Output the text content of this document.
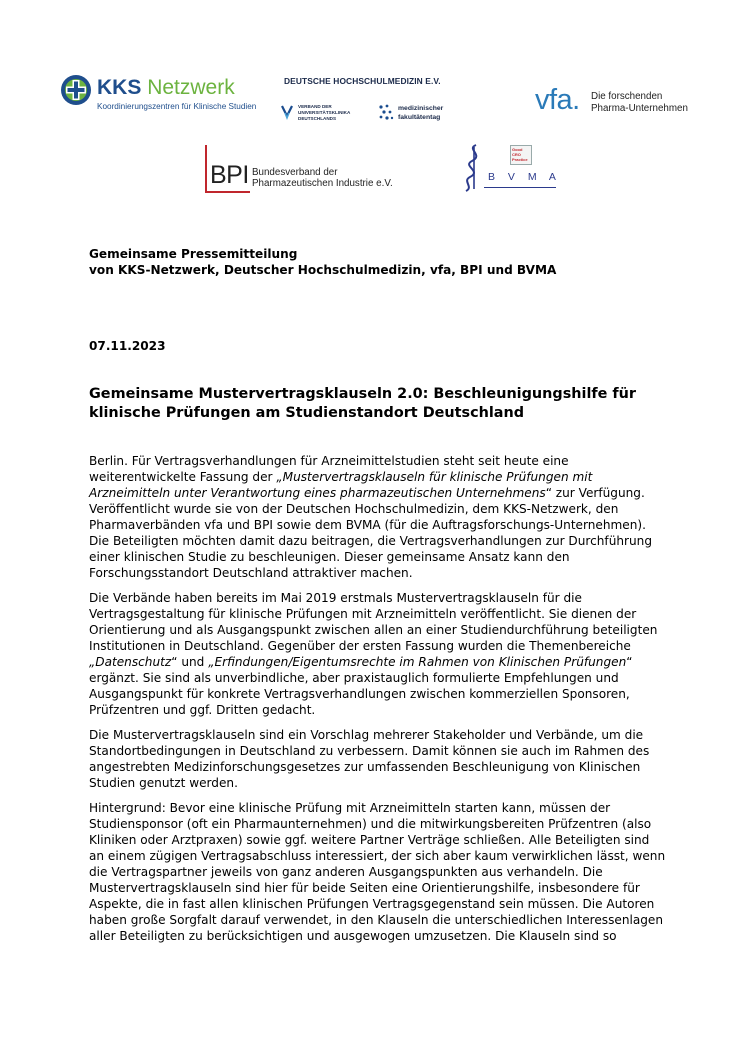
KKS Netzwerk
Koordinierungszentren für Klinische Studien
DEUTSCHE HOCHSCHULMEDIZIN E.V.
VERBAND DER
UNIVERSITÄTSKLINIKA
DEUTSCHLANDS
medizinischer
fakultätentag
vfa. Die forschenden
Pharma-Unternehmen
BPI Bundesverband der
Pharmazeutischen Industrie e.V.
Good
CRO
Practice
B V M A
Gemeinsame Pressemitteilung
von KKS-Netzwerk, Deutscher Hochschulmedizin, vfa, BPI und BVMA
07.11.2023
Gemeinsame Mustervertragsklauseln 2.0: Beschleunigungshilfe für
klinische Prüfungen am Studienstandort Deutschland

Berlin. Für Vertragsverhandlungen für Arzneimittelstudien steht seit heute eine

weiterentwickelte Fassung der „Mustervertragsklauseln für klinische Prüfungen mit

Arzneimitteln unter Verantwortung eines pharmazeutischen Unternehmens“ zur Verfügung.

Veröffentlicht wurde sie von der Deutschen Hochschulmedizin, dem KKS-Netzwerk, den

Pharmaverbänden vfa und BPI sowie dem BVMA (für die Auftragsforschungs-Unternehmen).

Die Beteiligten möchten damit dazu beitragen, die Vertragsverhandlungen zur Durchführung

einer klinischen Studie zu beschleunigen. Dieser gemeinsame Ansatz kann den

Forschungsstandort Deutschland attraktiver machen.

Die Verbände haben bereits im Mai 2019 erstmals Mustervertragsklauseln für die

Vertragsgestaltung für klinische Prüfungen mit Arzneimitteln veröffentlicht. Sie dienen der

Orientierung und als Ausgangspunkt zwischen allen an einer Studiendurchführung beteiligten

Institutionen in Deutschland. Gegenüber der ersten Fassung wurden die Themenbereiche

„Datenschutz“ und „Erfindungen/Eigentumsrechte im Rahmen von Klinischen Prüfungen“

ergänzt. Sie sind als unverbindliche, aber praxistauglich formulierte Empfehlungen und

Ausgangspunkt für konkrete Vertragsverhandlungen zwischen kommerziellen Sponsoren,

Prüfzentren und ggf. Dritten gedacht.

Die Mustervertragsklauseln sind ein Vorschlag mehrerer Stakeholder und Verbände, um die

Standortbedingungen in Deutschland zu verbessern. Damit können sie auch im Rahmen des

angestrebten Medizinforschungsgesetzes zur umfassenden Beschleunigung von Klinischen

Studien genutzt werden.

Hintergrund: Bevor eine klinische Prüfung mit Arzneimitteln starten kann, müssen der

Studiensponsor (oft ein Pharmaunternehmen) und die mitwirkungsbereiten Prüfzentren (also

Kliniken oder Arztpraxen) sowie ggf. weitere Partner Verträge schließen. Alle Beteiligten sind

an einem zügigen Vertragsabschluss interessiert, der sich aber kaum verwirklichen lässt, wenn

die Vertragspartner jeweils von ganz anderen Ausgangspunkten aus verhandeln. Die

Mustervertragsklauseln sind hier für beide Seiten eine Orientierungshilfe, insbesondere für

Aspekte, die in fast allen klinischen Prüfungen Vertragsgegenstand sein müssen. Die Autoren

haben große Sorgfalt darauf verwendet, in den Klauseln die unterschiedlichen Interessenlagen

aller Beteiligten zu berücksichtigen und ausgewogen umzusetzen. Die Klauseln sind so
